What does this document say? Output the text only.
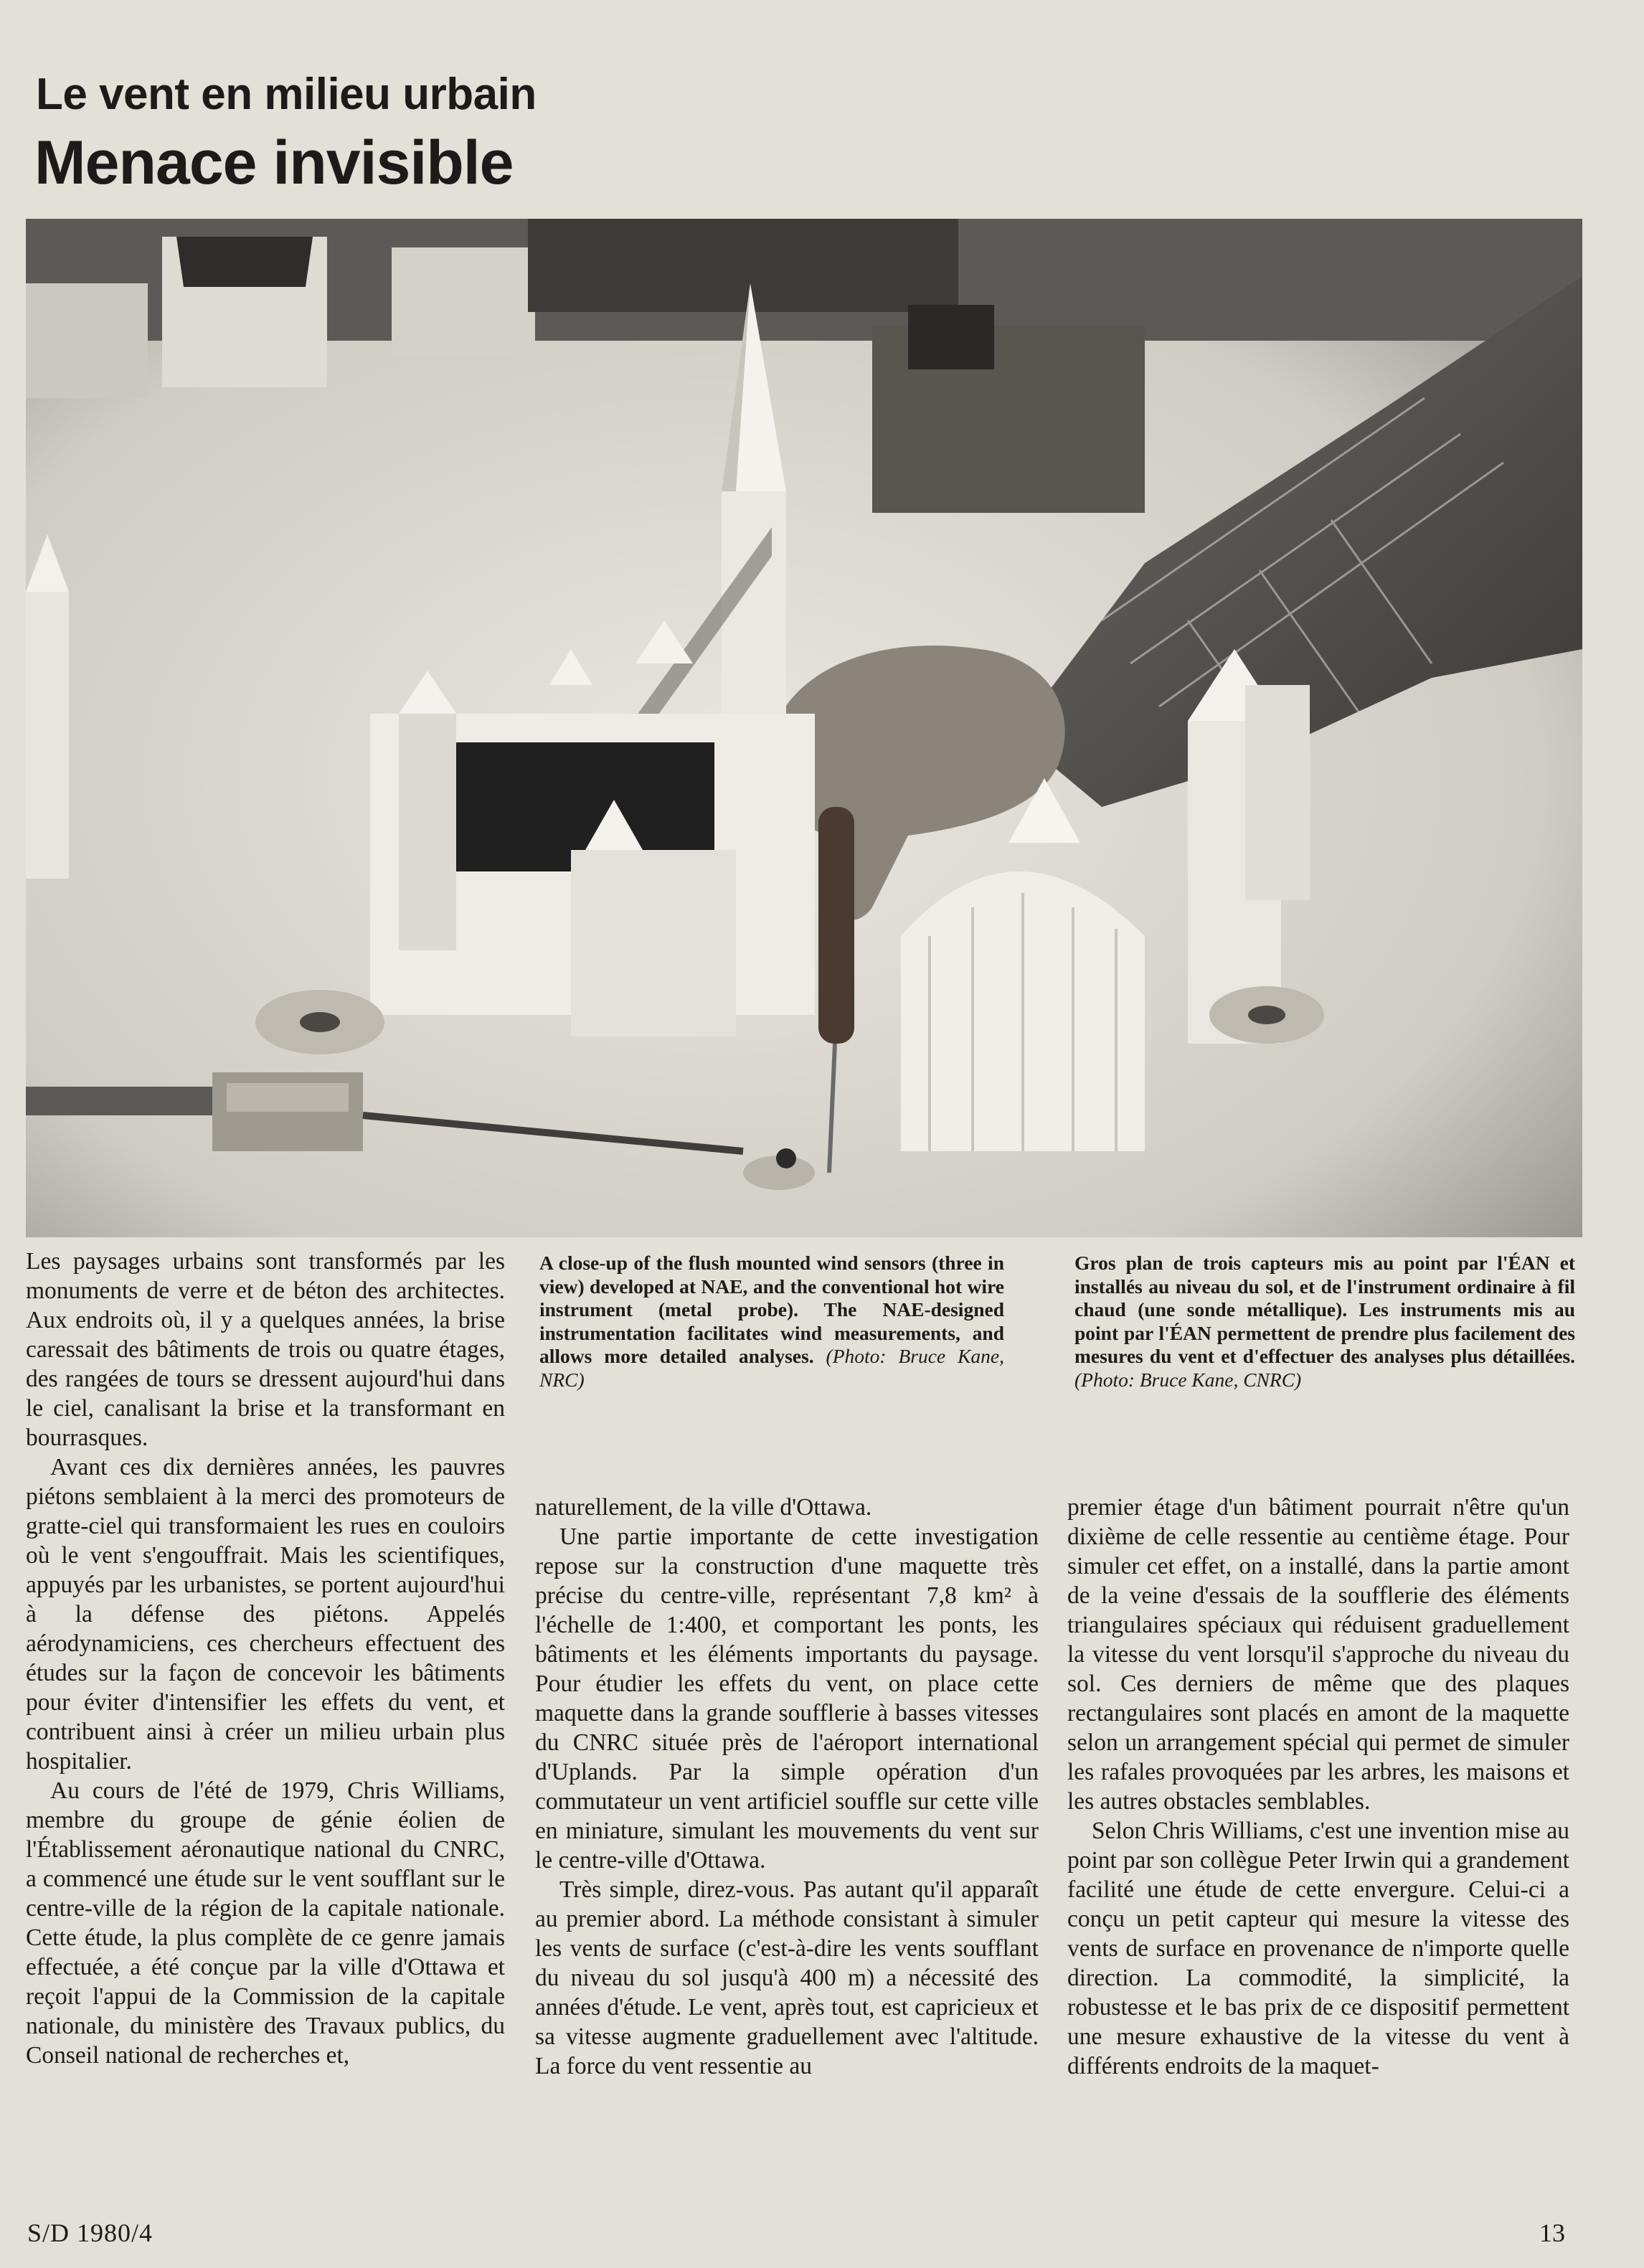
Le vent en milieu urbain
Menace invisible

Les paysages urbains sont transformés par les monuments de verre et de béton des architectes. Aux endroits où, il y a quelques années, la brise caressait des bâtiments de trois ou quatre étages, des rangées de tours se dressent aujourd'hui dans le ciel, canalisant la brise et la transformant en bourrasques.

Avant ces dix dernières années, les pauvres piétons semblaient à la merci des promoteurs de gratte-ciel qui transformaient les rues en couloirs où le vent s'engouffrait. Mais les scientifiques, appuyés par les urbanistes, se portent aujourd'hui à la défense des piétons. Appelés aérodynamiciens, ces chercheurs effectuent des études sur la façon de concevoir les bâtiments pour éviter d'intensifier les effets du vent, et contribuent ainsi à créer un milieu urbain plus hospitalier.

Au cours de l'été de 1979, Chris Williams, membre du groupe de génie éolien de l'Établissement aéronautique national du CNRC, a commencé une étude sur le vent soufflant sur le centre-ville de la région de la capitale nationale. Cette étude, la plus complète de ce genre jamais effectuée, a été conçue par la ville d'Ottawa et reçoit l'appui de la Commission de la capitale nationale, du ministère des Travaux publics, du Conseil national de recherches et,

A close-up of the flush mounted wind sensors (three in view) developed at NAE, and the conventional hot wire instrument (metal probe). The NAE-designed instrumentation facilitates wind measurements, and allows more detailed analyses. (Photo: Bruce Kane, NRC)
Gros plan de trois capteurs mis au point par l'ÉAN et installés au niveau du sol, et de l'instrument ordinaire à fil chaud (une sonde métallique). Les instruments mis au point par l'ÉAN permettent de prendre plus facilement des mesures du vent et d'effectuer des analyses plus détaillées. (Photo: Bruce Kane, CNRC)

naturellement, de la ville d'Ottawa.

Une partie importante de cette investigation repose sur la construction d'une maquette très précise du centre-ville, représentant 7,8 km² à l'échelle de 1:400, et comportant les ponts, les bâtiments et les éléments importants du paysage. Pour étudier les effets du vent, on place cette maquette dans la grande soufflerie à basses vitesses du CNRC située près de l'aéroport international d'Uplands. Par la simple opération d'un commutateur un vent artificiel souffle sur cette ville en miniature, simulant les mouvements du vent sur le centre-ville d'Ottawa.

Très simple, direz-vous. Pas autant qu'il apparaît au premier abord. La méthode consistant à simuler les vents de surface (c'est-à-dire les vents soufflant du niveau du sol jusqu'à 400 m) a nécessité des années d'étude. Le vent, après tout, est capricieux et sa vitesse augmente graduellement avec l'altitude. La force du vent ressentie au

premier étage d'un bâtiment pourrait n'être qu'un dixième de celle ressentie au centième étage. Pour simuler cet effet, on a installé, dans la partie amont de la veine d'essais de la soufflerie des éléments triangulaires spéciaux qui réduisent graduellement la vitesse du vent lorsqu'il s'approche du niveau du sol. Ces derniers de même que des plaques rectangulaires sont placés en amont de la maquette selon un arrangement spécial qui permet de simuler les rafales provoquées par les arbres, les maisons et les autres obstacles semblables.

Selon Chris Williams, c'est une invention mise au point par son collègue Peter Irwin qui a grandement facilité une étude de cette envergure. Celui-ci a conçu un petit capteur qui mesure la vitesse des vents de surface en provenance de n'importe quelle direction. La commodité, la simplicité, la robustesse et le bas prix de ce dispositif permettent une mesure exhaustive de la vitesse du vent à différents endroits de la maquet-

S/D 1980/4	13
